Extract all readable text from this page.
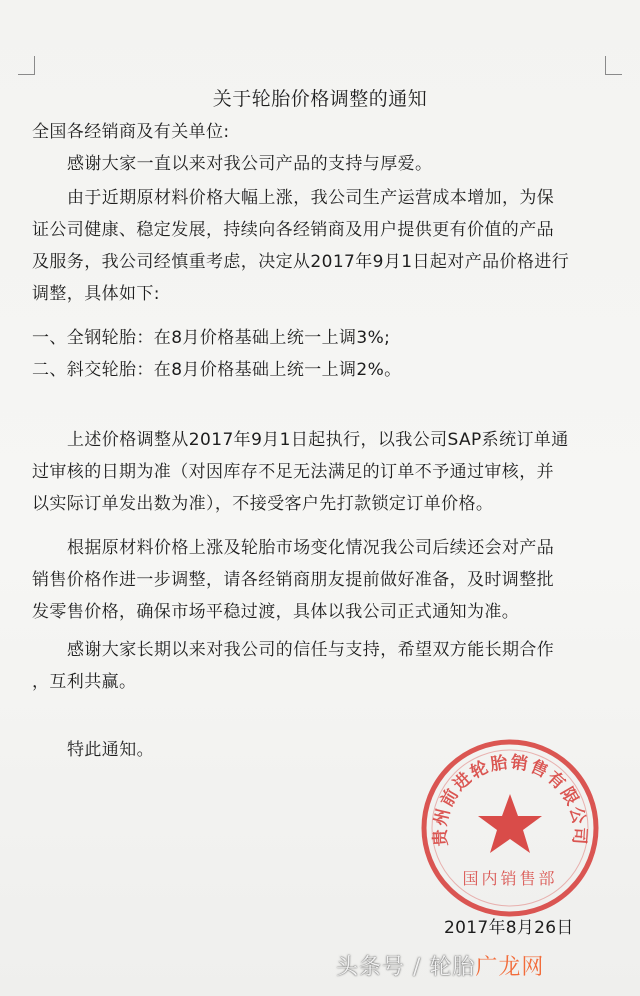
关于轮胎价格调整的通知
全国各经销商及有关单位:
感谢大家一直以来对我公司产品的支持与厚爱。
由于近期原材料价格大幅上涨，我公司生产运营成本增加，为保
证公司健康、稳定发展，持续向各经销商及用户提供更有价值的产品
及服务，我公司经慎重考虑，决定从2017年9月1日起对产品价格进行
调整，具体如下:
一、全钢轮胎：在8月价格基础上统一上调3%;
二、斜交轮胎：在8月价格基础上统一上调2%。
上述价格调整从2017年9月1日起执行，以我公司SAP系统订单通
过审核的日期为准（对因库存不足无法满足的订单不予通过审核，并
以实际订单发出数为准），不接受客户先打款锁定订单价格。
根据原材料价格上涨及轮胎市场变化情况我公司后续还会对产品
销售价格作进一步调整，请各经销商朋友提前做好准备，及时调整批
发零售价格，确保市场平稳过渡，具体以我公司正式通知为准。
感谢大家长期以来对我公司的信任与支持，希望双方能长期合作
，互利共赢。
特此通知。
贵州前进轮胎销售有限公司
国内销售部
2017年8月26日
头条号 / 轮胎广龙网
